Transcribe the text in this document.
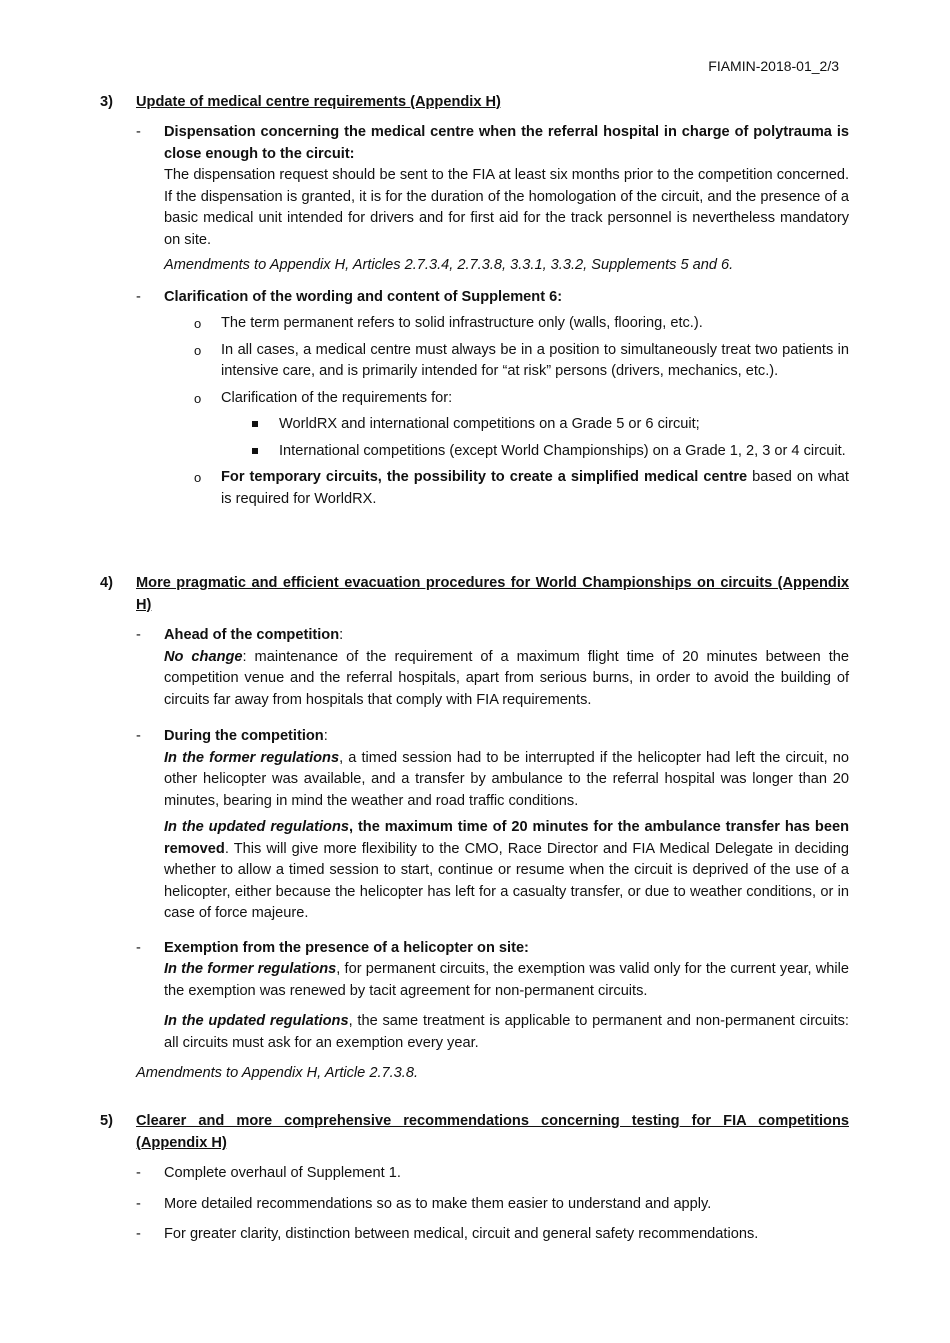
FIAMIN-2018-01_2/3
3) Update of medical centre requirements (Appendix H)
- Dispensation concerning the medical centre when the referral hospital in charge of polytrauma is close enough to the circuit:
The dispensation request should be sent to the FIA at least six months prior to the competition concerned. If the dispensation is granted, it is for the duration of the homologation of the circuit, and the presence of a basic medical unit intended for drivers and for first aid for the track personnel is nevertheless mandatory on site.
Amendments to Appendix H, Articles 2.7.3.4, 2.7.3.8, 3.3.1, 3.3.2, Supplements 5 and 6.
- Clarification of the wording and content of Supplement 6:
o The term permanent refers to solid infrastructure only (walls, flooring, etc.).
o In all cases, a medical centre must always be in a position to simultaneously treat two patients in intensive care, and is primarily intended for “at risk” persons (drivers, mechanics, etc.).
o Clarification of the requirements for:
WorldRX and international competitions on a Grade 5 or 6 circuit;
International competitions (except World Championships) on a Grade 1, 2, 3 or 4 circuit.
o For temporary circuits, the possibility to create a simplified medical centre based on what is required for WorldRX.
4) More pragmatic and efficient evacuation procedures for World Championships on circuits (Appendix H)
- Ahead of the competition:
No change: maintenance of the requirement of a maximum flight time of 20 minutes between the competition venue and the referral hospitals, apart from serious burns, in order to avoid the building of circuits far away from hospitals that comply with FIA requirements.
- During the competition:
In the former regulations, a timed session had to be interrupted if the helicopter had left the circuit, no other helicopter was available, and a transfer by ambulance to the referral hospital was longer than 20 minutes, bearing in mind the weather and road traffic conditions.
In the updated regulations, the maximum time of 20 minutes for the ambulance transfer has been removed. This will give more flexibility to the CMO, Race Director and FIA Medical Delegate in deciding whether to allow a timed session to start, continue or resume when the circuit is deprived of the use of a helicopter, either because the helicopter has left for a casualty transfer, or due to weather conditions, or in case of force majeure.
- Exemption from the presence of a helicopter on site:
In the former regulations, for permanent circuits, the exemption was valid only for the current year, while the exemption was renewed by tacit agreement for non-permanent circuits.
In the updated regulations, the same treatment is applicable to permanent and non-permanent circuits: all circuits must ask for an exemption every year.
Amendments to Appendix H, Article 2.7.3.8.
5) Clearer and more comprehensive recommendations concerning testing for FIA competitions (Appendix H)
- Complete overhaul of Supplement 1.
- More detailed recommendations so as to make them easier to understand and apply.
- For greater clarity, distinction between medical, circuit and general safety recommendations.
